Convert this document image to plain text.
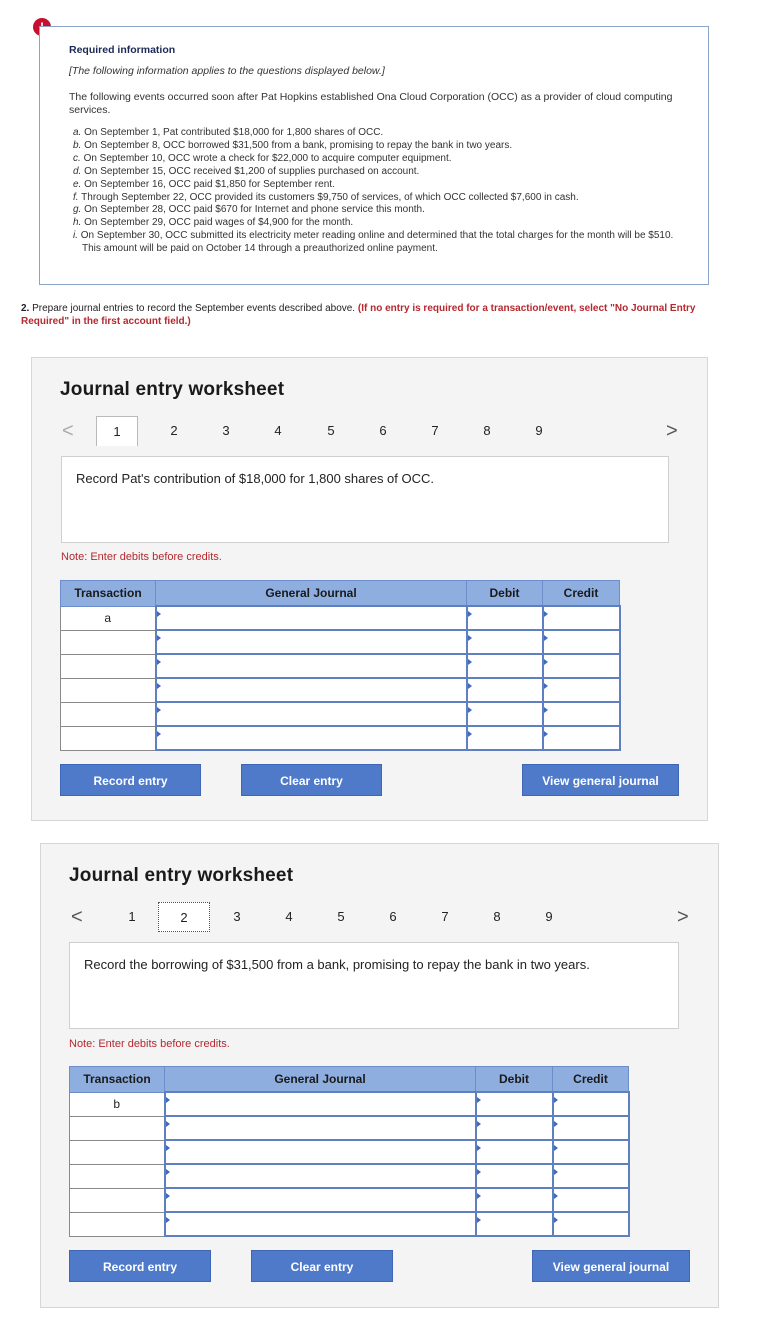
Required information
[The following information applies to the questions displayed below.]
The following events occurred soon after Pat Hopkins established Ona Cloud Corporation (OCC) as a provider of cloud computing services.
a. On September 1, Pat contributed $18,000 for 1,800 shares of OCC.
b. On September 8, OCC borrowed $31,500 from a bank, promising to repay the bank in two years.
c. On September 10, OCC wrote a check for $22,000 to acquire computer equipment.
d. On September 15, OCC received $1,200 of supplies purchased on account.
e. On September 16, OCC paid $1,850 for September rent.
f. Through September 22, OCC provided its customers $9,750 of services, of which OCC collected $7,600 in cash.
g. On September 28, OCC paid $670 for Internet and phone service this month.
h. On September 29, OCC paid wages of $4,900 for the month.
i. On September 30, OCC submitted its electricity meter reading online and determined that the total charges for the month will be $510. This amount will be paid on October 14 through a preauthorized online payment.
2. Prepare journal entries to record the September events described above. (If no entry is required for a transaction/event, select "No Journal Entry Required" in the first account field.)
Journal entry worksheet
<	1	2	3	4	5	6	7	8	9	>
Record Pat's contribution of $18,000 for 1,800 shares of OCC.
Note: Enter debits before credits.
Transaction	General Journal	Debit	Credit
a			

Record entry	Clear entry	View general journal
Journal entry worksheet
<	1	2	3	4	5	6	7	8	9	>
Record the borrowing of $31,500 from a bank, promising to repay the bank in two years.
Note: Enter debits before credits.
Transaction	General Journal	Debit	Credit
b			

Record entry	Clear entry	View general journal
